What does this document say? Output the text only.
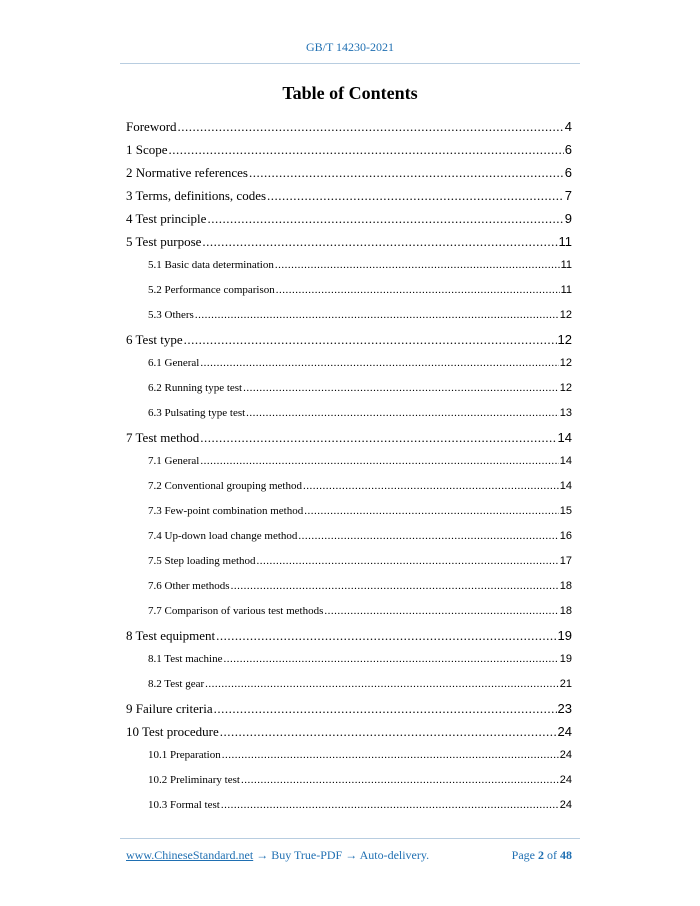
GB/T 14230-2021
Table of Contents
Foreword .....	4
1 Scope .....	6
2 Normative references .....	6
3 Terms, definitions, codes .....	7
4 Test principle .....	9
5 Test purpose .....	11
5.1 Basic data determination .....	11
5.2 Performance comparison .....	11
5.3 Others .....	12
6 Test type .....	12
6.1 General .....	12
6.2 Running type test .....	12
6.3 Pulsating type test .....	13
7 Test method .....	14
7.1 General .....	14
7.2 Conventional grouping method .....	14
7.3 Few-point combination method .....	15
7.4 Up-down load change method .....	16
7.5 Step loading method .....	17
7.6 Other methods .....	18
7.7 Comparison of various test methods .....	18
8 Test equipment .....	19
8.1 Test machine .....	19
8.2 Test gear .....	21
9 Failure criteria .....	23
10 Test procedure .....	24
10.1 Preparation .....	24
10.2 Preliminary test .....	24
10.3 Formal test .....	24
www.ChineseStandard.net → Buy True-PDF → Auto-delivery.	Page 2 of 48
